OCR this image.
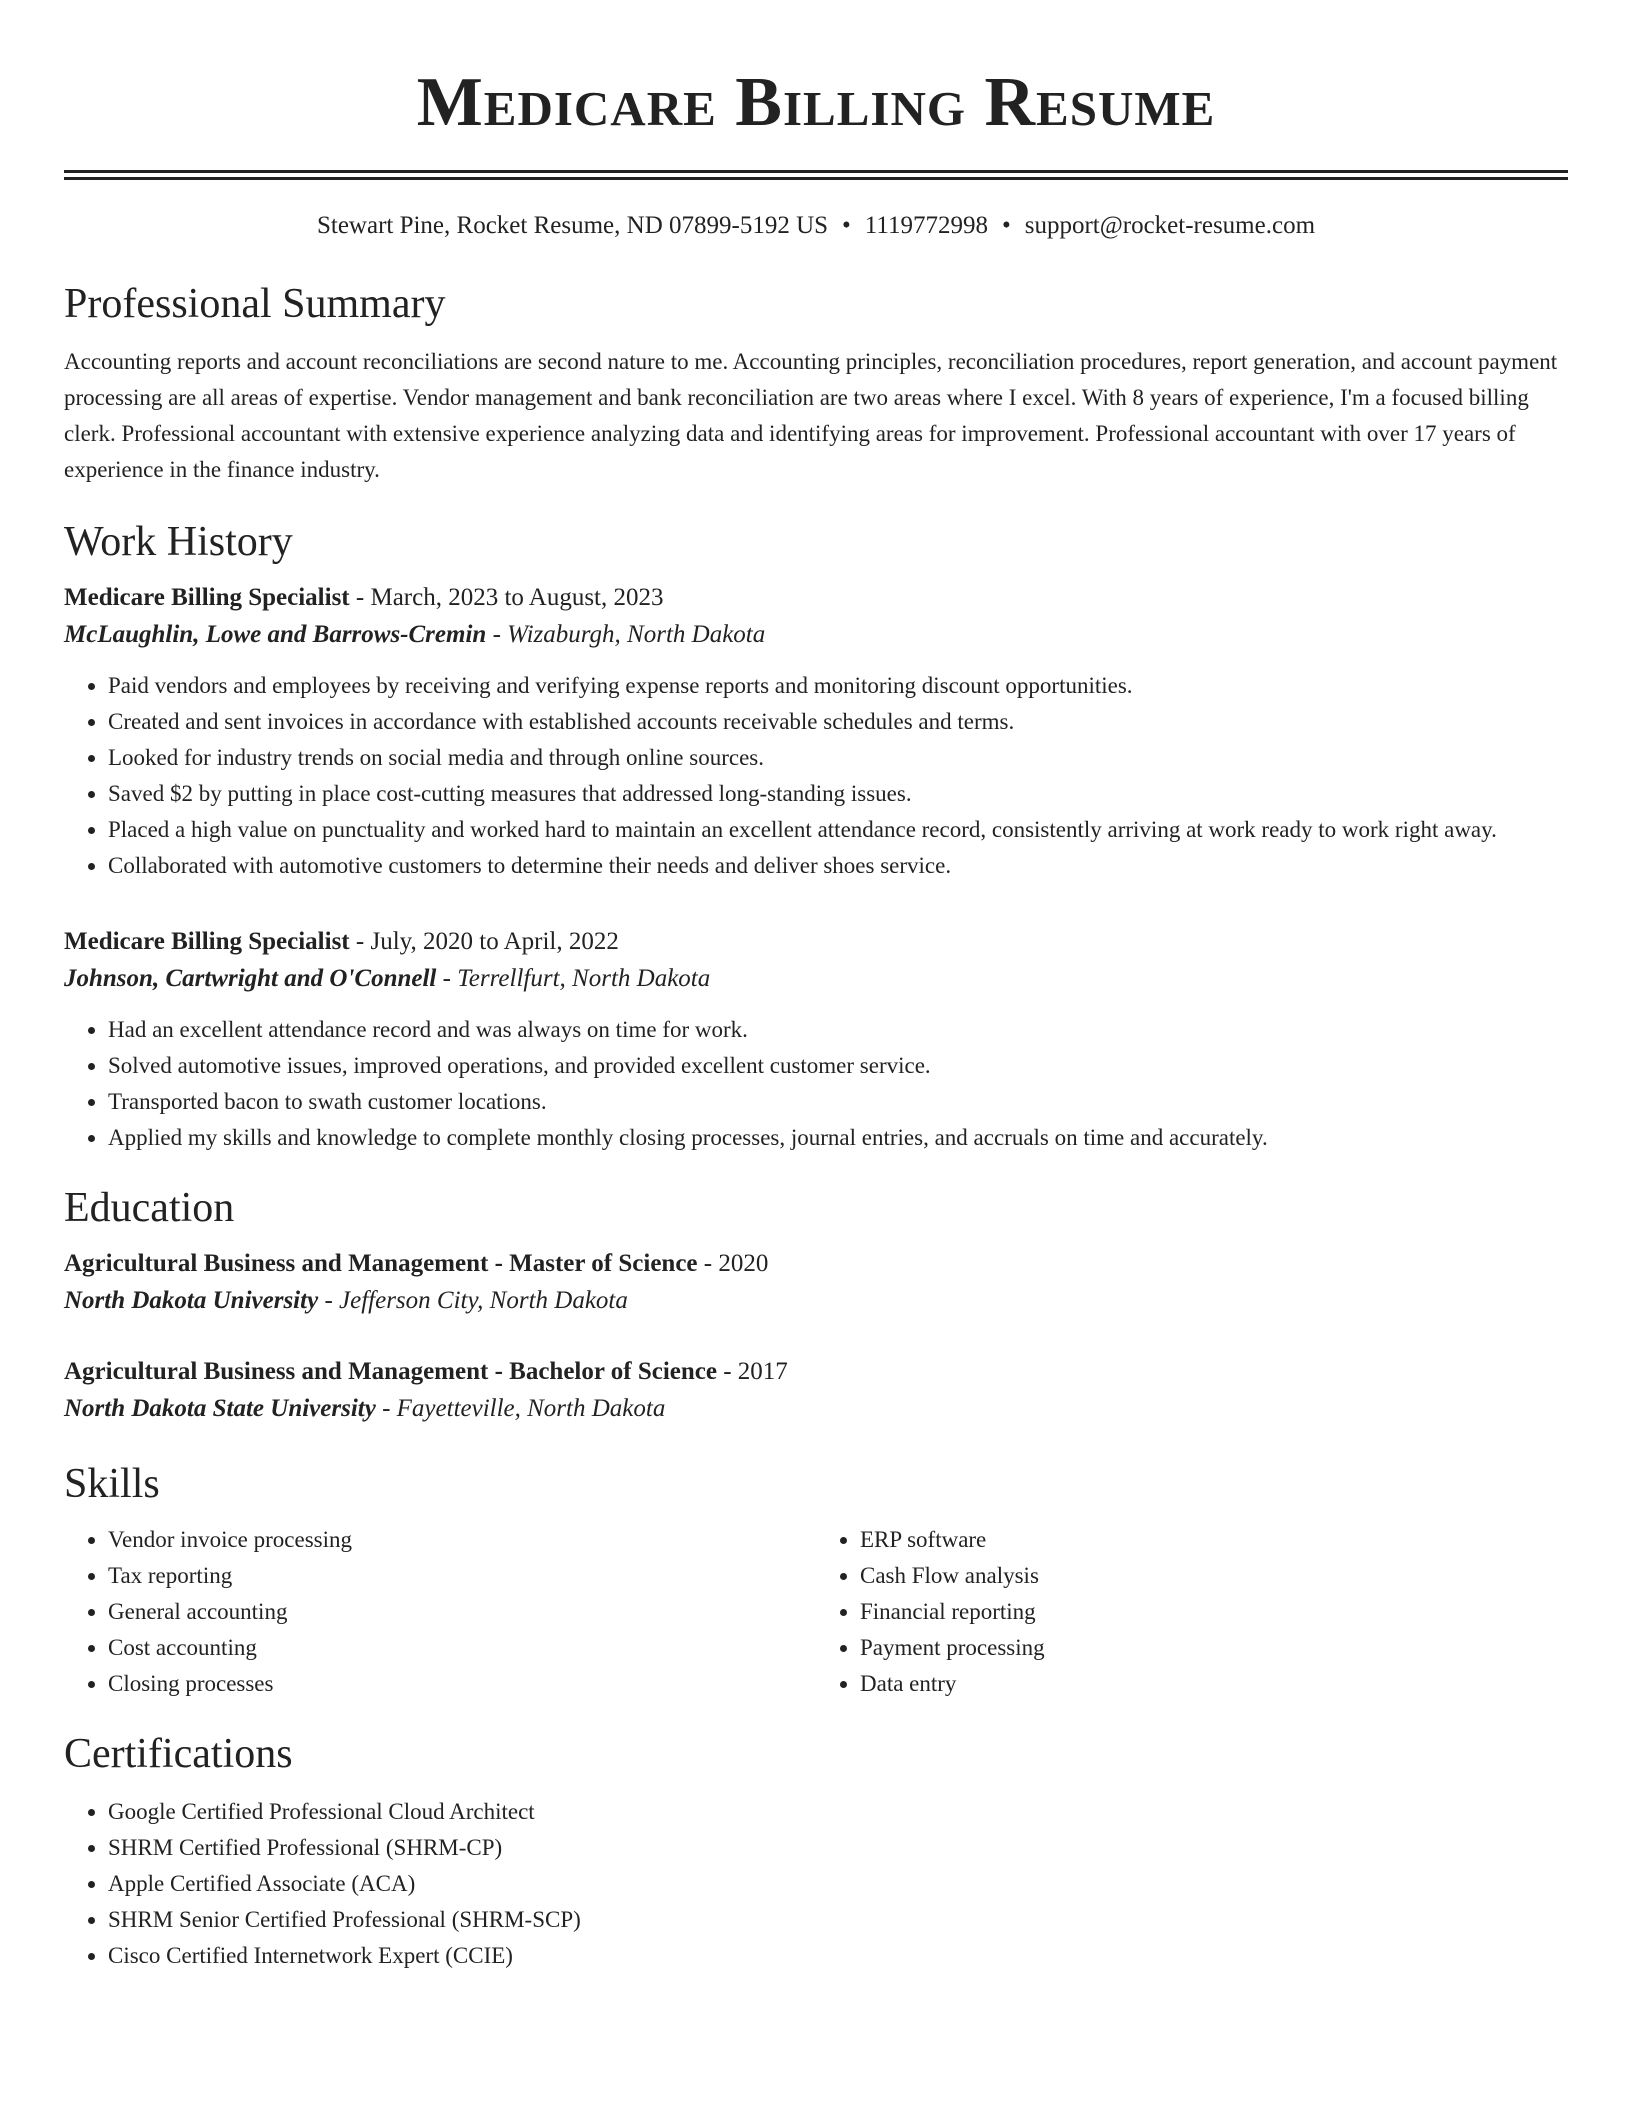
Medicare Billing Resume
Stewart Pine, Rocket Resume, ND 07899-5192 US • 1119772998 • support@rocket-resume.com
Professional Summary

Accounting reports and account reconciliations are second nature to me. Accounting principles, reconciliation procedures, report generation, and account payment processing are all areas of expertise. Vendor management and bank reconciliation are two areas where I excel. With 8 years of experience, I'm a focused billing clerk. Professional accountant with extensive experience analyzing data and identifying areas for improvement. Professional accountant with over 17 years of experience in the finance industry.

Work History
Medicare Billing Specialist - March, 2023 to August, 2023
McLaughlin, Lowe and Barrows-Cremin - Wizaburgh, North Dakota
• Paid vendors and employees by receiving and verifying expense reports and monitoring discount opportunities.
• Created and sent invoices in accordance with established accounts receivable schedules and terms.
• Looked for industry trends on social media and through online sources.
• Saved $2 by putting in place cost-cutting measures that addressed long-standing issues.
• Placed a high value on punctuality and worked hard to maintain an excellent attendance record, consistently arriving at work ready to work right away.
• Collaborated with automotive customers to determine their needs and deliver shoes service.
Medicare Billing Specialist - July, 2020 to April, 2022
Johnson, Cartwright and O'Connell - Terrellfurt, North Dakota
• Had an excellent attendance record and was always on time for work.
• Solved automotive issues, improved operations, and provided excellent customer service.
• Transported bacon to swath customer locations.
• Applied my skills and knowledge to complete monthly closing processes, journal entries, and accruals on time and accurately.
Education
Agricultural Business and Management - Master of Science - 2020
North Dakota University - Jefferson City, North Dakota
Agricultural Business and Management - Bachelor of Science - 2017
North Dakota State University - Fayetteville, North Dakota
Skills
• Vendor invoice processing
• Tax reporting
• General accounting
• Cost accounting
• Closing processes
• ERP software
• Cash Flow analysis
• Financial reporting
• Payment processing
• Data entry
Certifications
• Google Certified Professional Cloud Architect
• SHRM Certified Professional (SHRM-CP)
• Apple Certified Associate (ACA)
• SHRM Senior Certified Professional (SHRM-SCP)
• Cisco Certified Internetwork Expert (CCIE)
